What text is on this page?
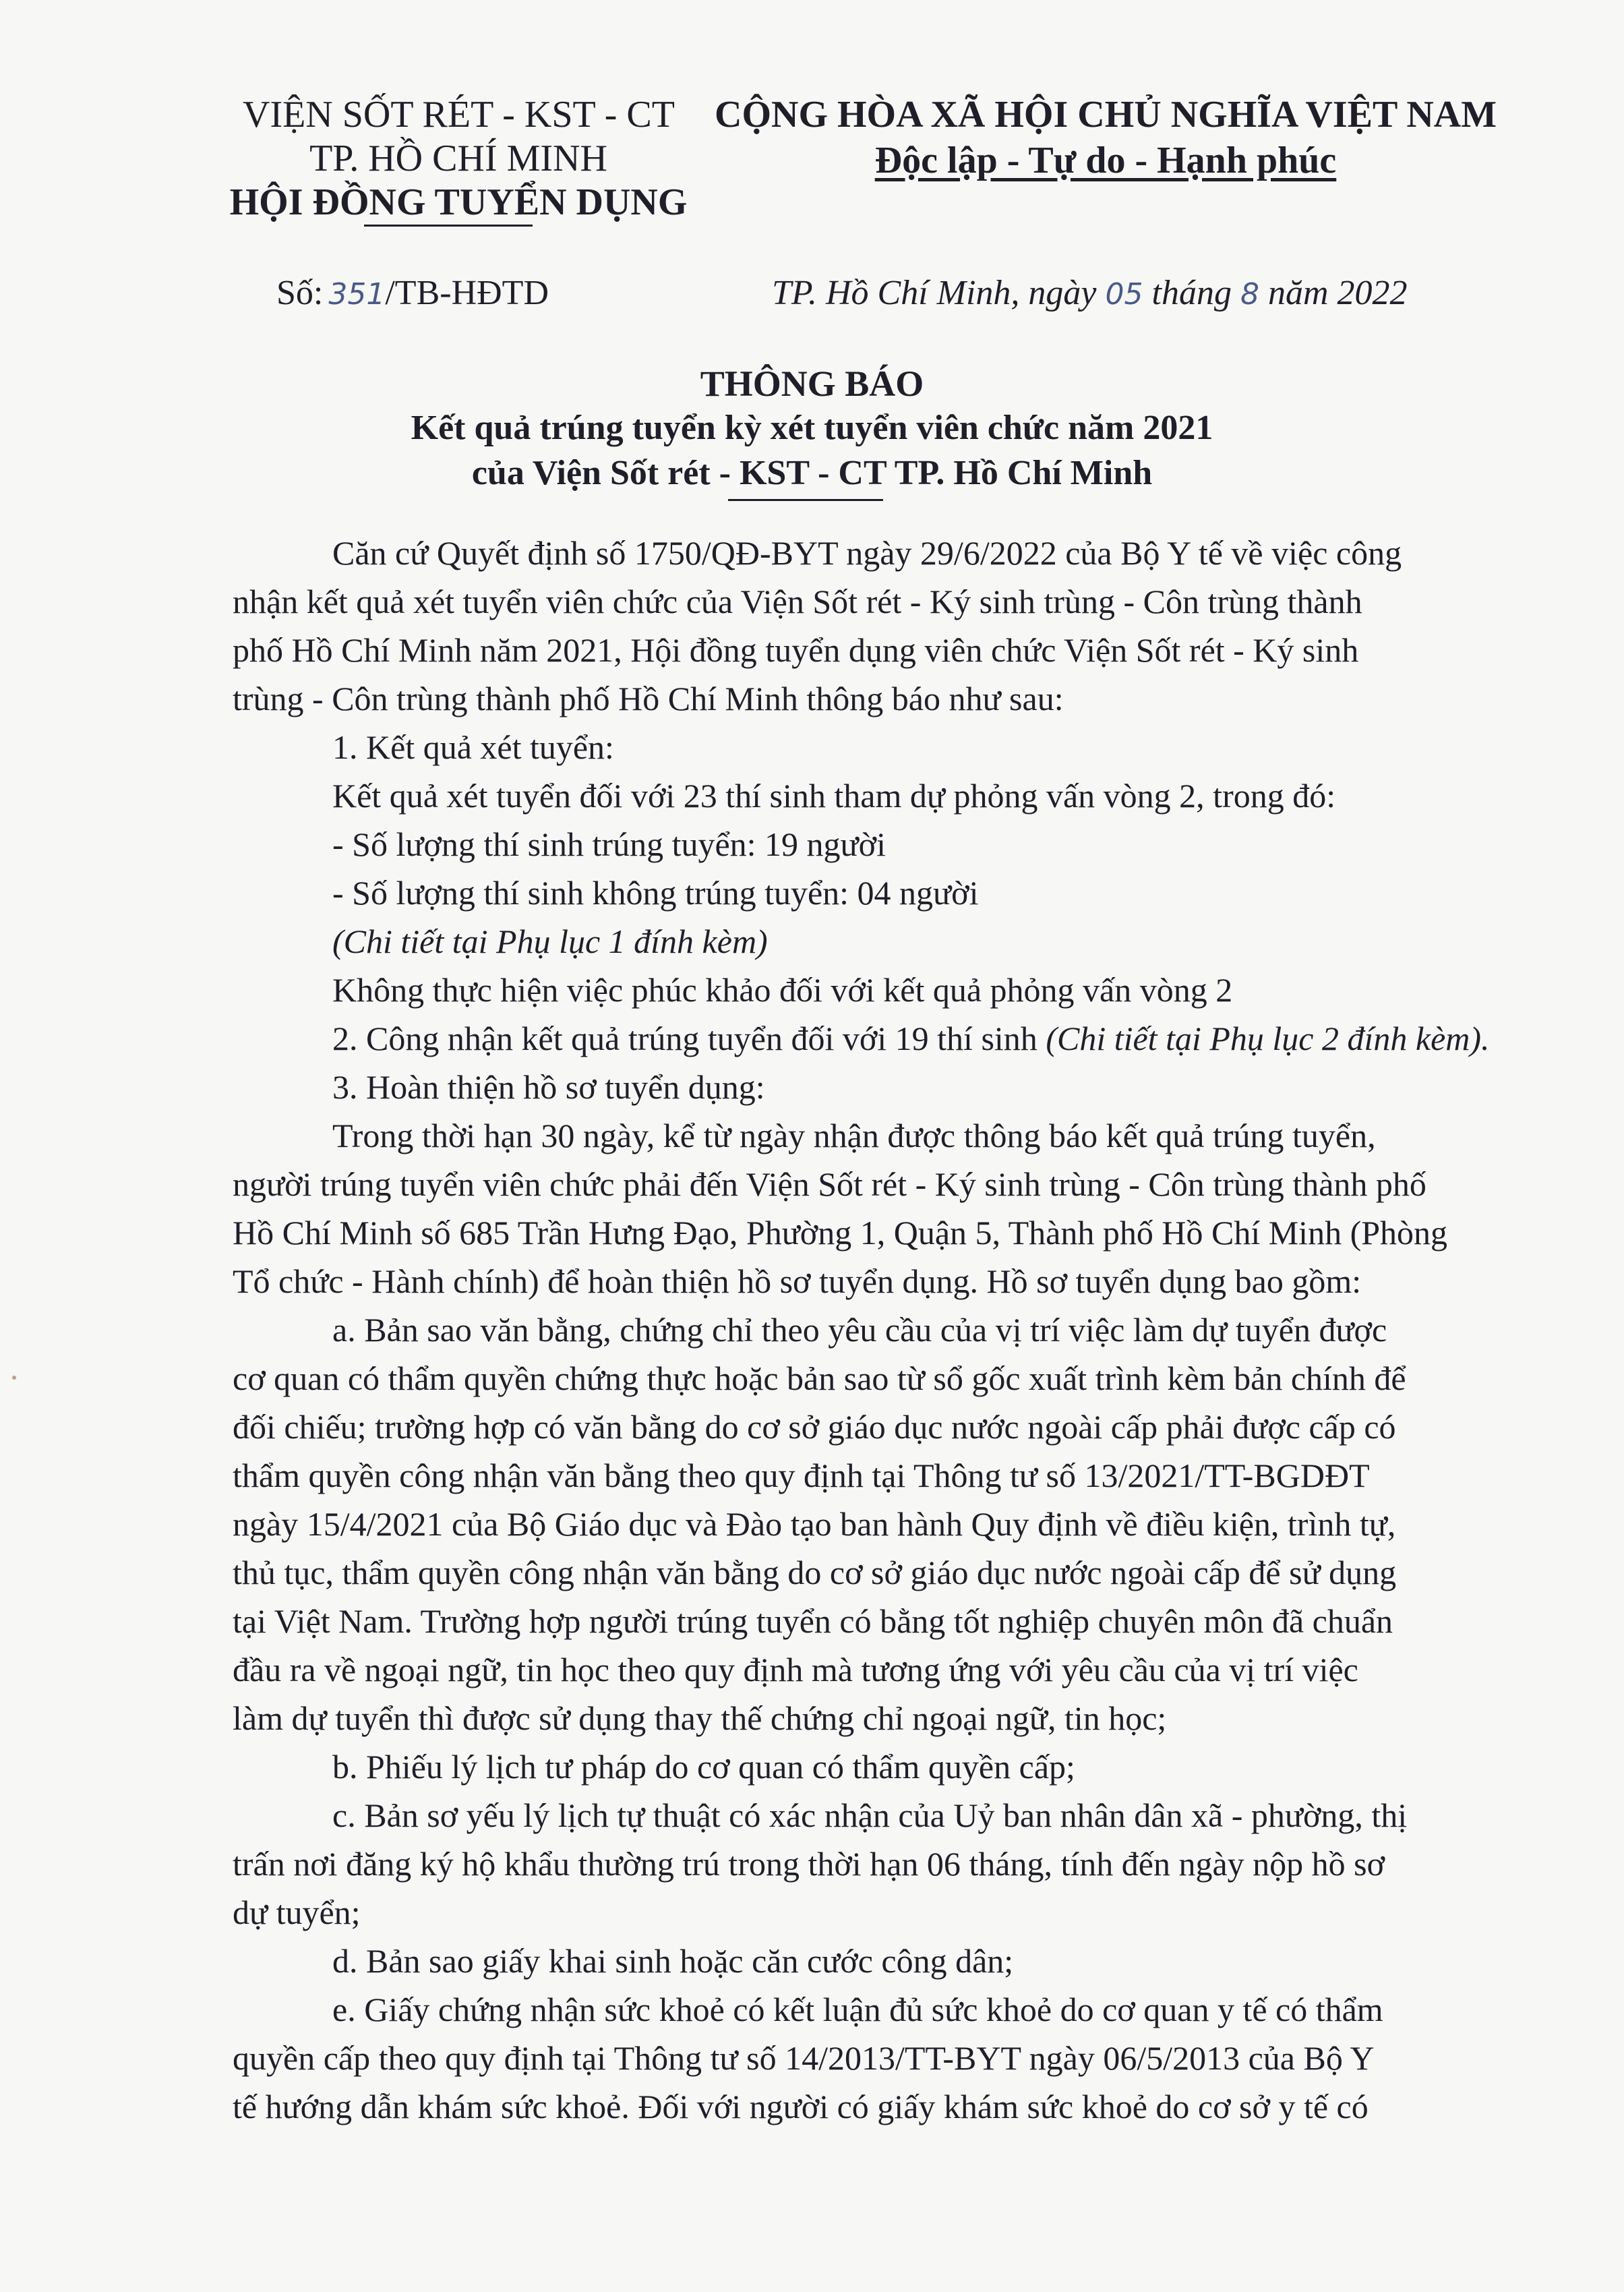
VIỆN SỐT RÉT - KST - CT
TP. HỒ CHÍ MINH
HỘI ĐỒNG TUYỂN DỤNG
CỘNG HÒA XÃ HỘI CHỦ NGHĨA VIỆT NAM
Độc lập - Tự do - Hạnh phúc
Số: 351/TB-HĐTD	TP. Hồ Chí Minh, ngày 05 tháng 8 năm 2022
THÔNG BÁO
Kết quả trúng tuyển kỳ xét tuyển viên chức năm 2021
của Viện Sốt rét - KST - CT TP. Hồ Chí Minh
Căn cứ Quyết định số 1750/QĐ-BYT ngày 29/6/2022 của Bộ Y tế về việc công
nhận kết quả xét tuyển viên chức của Viện Sốt rét - Ký sinh trùng - Côn trùng thành
phố Hồ Chí Minh năm 2021, Hội đồng tuyển dụng viên chức Viện Sốt rét - Ký sinh
trùng - Côn trùng thành phố Hồ Chí Minh thông báo như sau:
1. Kết quả xét tuyển:
Kết quả xét tuyển đối với 23 thí sinh tham dự phỏng vấn vòng 2, trong đó:
- Số lượng thí sinh trúng tuyển: 19 người
- Số lượng thí sinh không trúng tuyển: 04 người
(Chi tiết tại Phụ lục 1 đính kèm)
Không thực hiện việc phúc khảo đối với kết quả phỏng vấn vòng 2
2. Công nhận kết quả trúng tuyển đối với 19 thí sinh (Chi tiết tại Phụ lục 2 đính kèm).
3. Hoàn thiện hồ sơ tuyển dụng:
Trong thời hạn 30 ngày, kể từ ngày nhận được thông báo kết quả trúng tuyển,
người trúng tuyển viên chức phải đến Viện Sốt rét - Ký sinh trùng - Côn trùng thành phố
Hồ Chí Minh số 685 Trần Hưng Đạo, Phường 1, Quận 5, Thành phố Hồ Chí Minh (Phòng
Tổ chức - Hành chính) để hoàn thiện hồ sơ tuyển dụng. Hồ sơ tuyển dụng bao gồm:
a. Bản sao văn bằng, chứng chỉ theo yêu cầu của vị trí việc làm dự tuyển được
cơ quan có thẩm quyền chứng thực hoặc bản sao từ sổ gốc xuất trình kèm bản chính để
đối chiếu; trường hợp có văn bằng do cơ sở giáo dục nước ngoài cấp phải được cấp có
thẩm quyền công nhận văn bằng theo quy định tại Thông tư số 13/2021/TT-BGDĐT
ngày 15/4/2021 của Bộ Giáo dục và Đào tạo ban hành Quy định về điều kiện, trình tự,
thủ tục, thẩm quyền công nhận văn bằng do cơ sở giáo dục nước ngoài cấp để sử dụng
tại Việt Nam. Trường hợp người trúng tuyển có bằng tốt nghiệp chuyên môn đã chuẩn
đầu ra về ngoại ngữ, tin học theo quy định mà tương ứng với yêu cầu của vị trí việc
làm dự tuyển thì được sử dụng thay thế chứng chỉ ngoại ngữ, tin học;
b. Phiếu lý lịch tư pháp do cơ quan có thẩm quyền cấp;
c. Bản sơ yếu lý lịch tự thuật có xác nhận của Uỷ ban nhân dân xã - phường, thị
trấn nơi đăng ký hộ khẩu thường trú trong thời hạn 06 tháng, tính đến ngày nộp hồ sơ
dự tuyển;
d. Bản sao giấy khai sinh hoặc căn cước công dân;
e. Giấy chứng nhận sức khoẻ có kết luận đủ sức khoẻ do cơ quan y tế có thẩm
quyền cấp theo quy định tại Thông tư số 14/2013/TT-BYT ngày 06/5/2013 của Bộ Y
tế hướng dẫn khám sức khoẻ. Đối với người có giấy khám sức khoẻ do cơ sở y tế có
